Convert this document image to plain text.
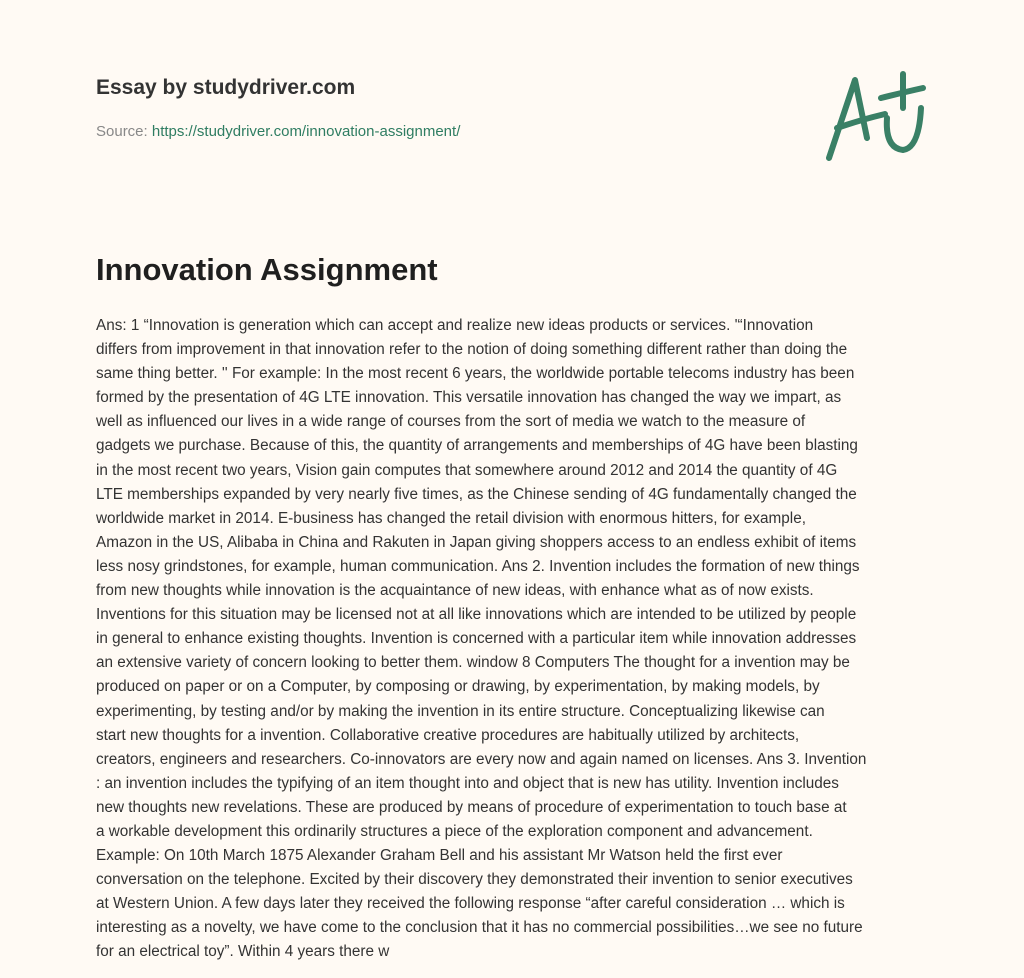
Essay by studydriver.com
Source: https://studydriver.com/innovation-assignment/
Innovation Assignment
Ans: 1 “Innovation is generation which can accept and realize new ideas products or services. '“Innovation
differs from improvement in that innovation refer to the notion of doing something different rather than doing the
same thing better. '' For example: In the most recent 6 years, the worldwide portable telecoms industry has been
formed by the presentation of 4G LTE innovation. This versatile innovation has changed the way we impart, as
well as influenced our lives in a wide range of courses from the sort of media we watch to the measure of
gadgets we purchase. Because of this, the quantity of arrangements and memberships of 4G have been blasting
in the most recent two years, Vision gain computes that somewhere around 2012 and 2014 the quantity of 4G
LTE memberships expanded by very nearly five times, as the Chinese sending of 4G fundamentally changed the
worldwide market in 2014. E-business has changed the retail division with enormous hitters, for example,
Amazon in the US, Alibaba in China and Rakuten in Japan giving shoppers access to an endless exhibit of items
less nosy grindstones, for example, human communication. Ans 2. Invention includes the formation of new things
from new thoughts while innovation is the acquaintance of new ideas, with enhance what as of now exists.
Inventions for this situation may be licensed not at all like innovations which are intended to be utilized by people
in general to enhance existing thoughts. Invention is concerned with a particular item while innovation addresses
an extensive variety of concern looking to better them. window 8 Computers The thought for a invention may be
produced on paper or on a Computer, by composing or drawing, by experimentation, by making models, by
experimenting, by testing and/or by making the invention in its entire structure. Conceptualizing likewise can
start new thoughts for a invention. Collaborative creative procedures are habitually utilized by architects,
creators, engineers and researchers. Co-innovators are every now and again named on licenses. Ans 3. Invention
: an invention includes the typifying of an item thought into and object that is new has utility. Invention includes
new thoughts new revelations. These are produced by means of procedure of experimentation to touch base at
a workable development this ordinarily structures a piece of the exploration component and advancement.
Example: On 10th March 1875 Alexander Graham Bell and his assistant Mr Watson held the first ever
conversation on the telephone. Excited by their discovery they demonstrated their invention to senior executives
at Western Union. A few days later they received the following response “after careful consideration … which is
interesting as a novelty, we have come to the conclusion that it has no commercial possibilities…we see no future
for an electrical toy”. Within 4 years there w
